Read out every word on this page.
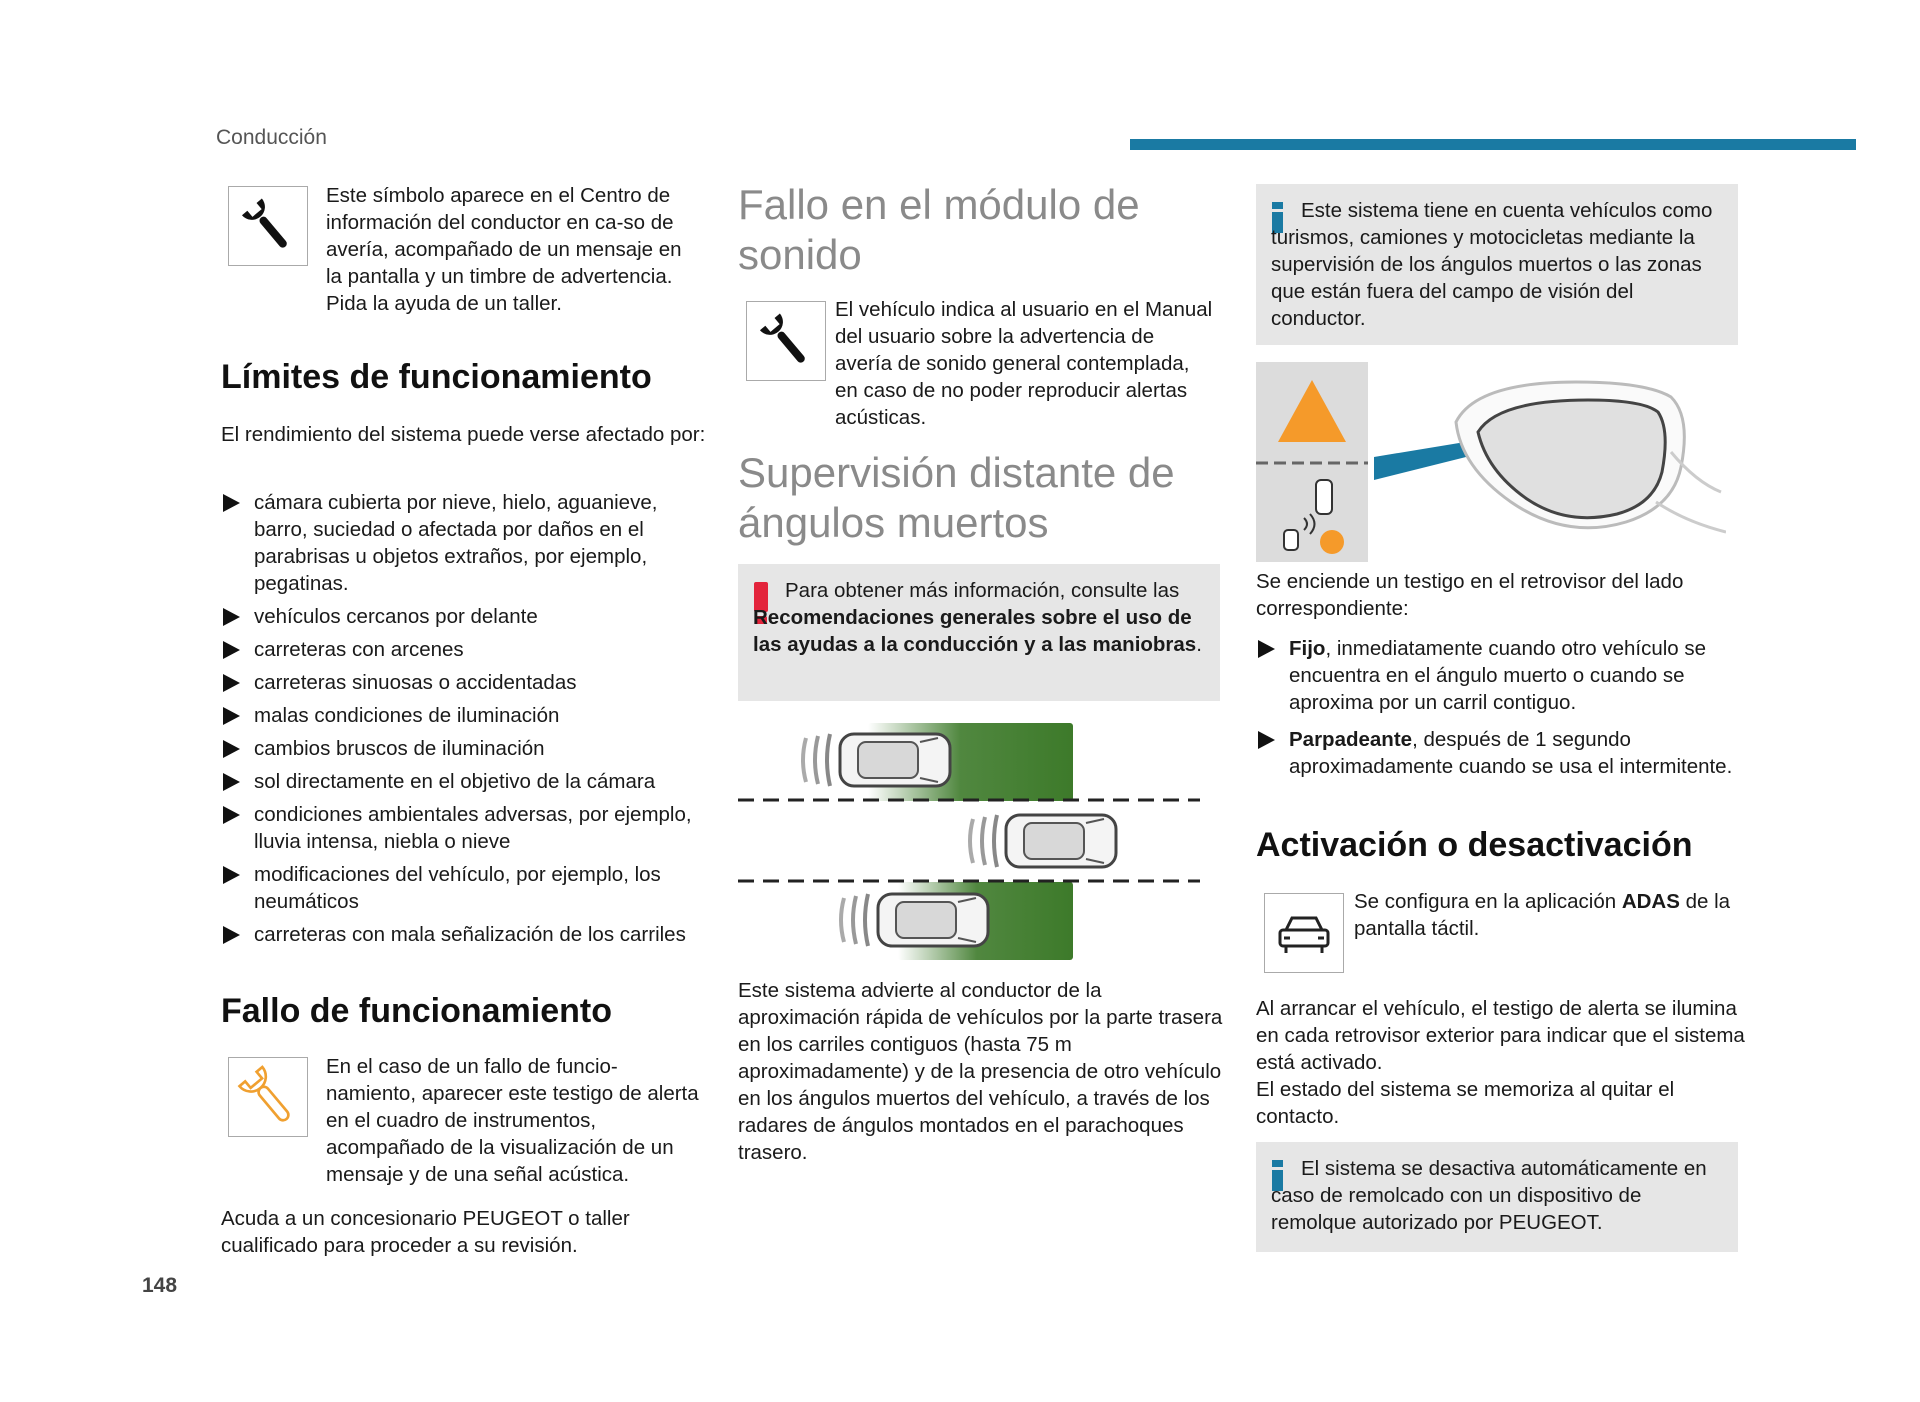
Conducción
148
Este símbolo aparece en el Centro de información del conductor en ca-so de avería, acompañado de un mensaje en la pantalla y un timbre de advertencia. Pida la ayuda de un taller.
Límites de funcionamiento
El rendimiento del sistema puede verse afectado por:
cámara cubierta por nieve, hielo, aguanieve, barro, suciedad o afectada por daños en el parabrisas u objetos extraños, por ejemplo, pegatinas.
vehículos cercanos por delante
carreteras con arcenes
carreteras sinuosas o accidentadas
malas condiciones de iluminación
cambios bruscos de iluminación
sol directamente en el objetivo de la cámara
condiciones ambientales adversas, por ejemplo, lluvia intensa, niebla o nieve
modificaciones del vehículo, por ejemplo, los neumáticos
carreteras con mala señalización de los carriles
Fallo de funcionamiento
En el caso de un fallo de funcio-namiento, aparecer este testigo de alerta en el cuadro de instrumentos, acompañado de la visualización de un mensaje y de una señal acústica.
Acuda a un concesionario PEUGEOT o taller cualificado para proceder a su revisión.
Fallo en el módulo de sonido
El vehículo indica al usuario en el Manual del usuario sobre la advertencia de avería de sonido general contemplada, en caso de no poder reproducir alertas acústicas.
Supervisión distante de ángulos muertos
Para obtener más información, consulte las Recomendaciones generales sobre el uso de las ayudas a la conducción y a las maniobras.
Este sistema advierte al conductor de la aproximación rápida de vehículos por la parte trasera en los carriles contiguos (hasta 75 m aproximadamente) y de la presencia de otro vehículo en los ángulos muertos del vehículo, a través de los radares de ángulos montados en el parachoques trasero.
Este sistema tiene en cuenta vehículos como turismos, camiones y motocicletas mediante la supervisión de los ángulos muertos o las zonas que están fuera del campo de visión del conductor.
Se enciende un testigo en el retrovisor del lado correspondiente:
Fijo, inmediatamente cuando otro vehículo se encuentra en el ángulo muerto o cuando se aproxima por un carril contiguo.
Parpadeante, después de 1 segundo aproximadamente cuando se usa el intermitente.
Activación o desactivación
Se configura en la aplicación ADAS de la pantalla táctil.
Al arrancar el vehículo, el testigo de alerta se ilumina en cada retrovisor exterior para indicar que el sistema está activado.
El estado del sistema se memoriza al quitar el contacto.
El sistema se desactiva automáticamente en caso de remolcado con un dispositivo de remolque autorizado por PEUGEOT.
